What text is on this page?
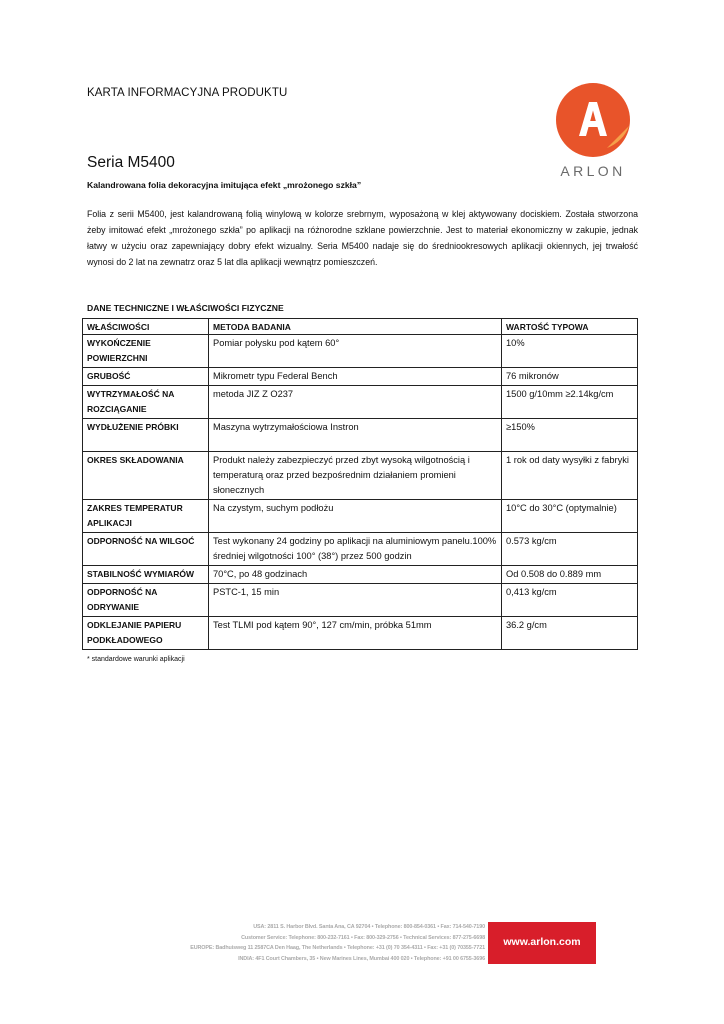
KARTA INFORMACYJNA PRODUKTU
ARLON
Seria M5400
Kalandrowana folia dekoracyjna imitująca efekt „mrożonego szkła”
Folia z serii M5400, jest kalandrowaną folią winylową w kolorze srebrnym, wyposażoną w klej aktywowany dociskiem. Została stworzona żeby imitować efekt „mrożonego szkła” po aplikacji na różnorodne szklane powierzchnie. Jest to materiał ekonomiczny w zakupie, jednak łatwy w użyciu oraz zapewniający dobry efekt wizualny. Seria M5400 nadaje się do średniookresowych aplikacji okiennych, jej trwałość wynosi do 2 lat na zewnatrz oraz 5 lat dla aplikacji wewnątrz pomieszczeń.
DANE TECHNICZNE I WŁAŚCIWOŚCI FIZYCZNE
WŁAŚCIWOŚCI	METODA BADANIA	WARTOŚĆ TYPOWA
WYKOŃCZENIE POWIERZCHNI	Pomiar połysku pod kątem 60°	10%
GRUBOŚĆ	Mikrometr typu Federal Bench	76 mikronów
WYTRZYMAŁOŚĆ NA ROZCIĄGANIE	metoda JIZ Z O237	1500 g/10mm ≥2.14kg/cm
WYDŁUŻENIE PRÓBKI	Maszyna wytrzymałościowa Instron	≥150%
OKRES SKŁADOWANIA	Produkt należy zabezpieczyć przed zbyt wysoką wilgotnością i temperaturą oraz przed bezpośrednim działaniem promieni słonecznych	1 rok od daty wysyłki z fabryki
ZAKRES TEMPERATUR APLIKACJI	Na czystym, suchym podłożu	10°C do 30°C (optymalnie)
ODPORNOŚĆ NA WILGOĆ	Test wykonany 24 godziny po aplikacji na aluminiowym panelu.100% średniej wilgotności 100° (38°) przez 500 godzin	0.573 kg/cm
STABILNOŚĆ WYMIARÓW	70°C, po 48 godzinach	Od 0.508 do 0.889 mm
ODPORNOŚĆ NA ODRYWANIE	PSTC-1, 15 min	0,413 kg/cm
ODKLEJANIE PAPIERU PODKŁADOWEGO	Test TLMI pod kątem 90°, 127 cm/min, próbka 51mm	36.2 g/cm
* standardowe warunki aplikacji
USA: 2811 S. Harbor Blvd. Santa Ana, CA 92704 • Telephone: 800-854-0361 • Fax: 714-540-7190
Customer Service: Telephone: 800-232-7161 • Fax: 800-329-2756 • Technical Services: 877-275-6698
EUROPE: Badhuisweg 11 2587CA Den Haag, The Netherlands • Telephone: +31 (0) 70 354-4311 • Fax: +31 (0) 70355-7721
INDIA: 4F1 Court Chambers, 35 • New Marines Lines, Mumbai 400 020 • Telephone: +91 00 6755-3696
www.arlon.com
